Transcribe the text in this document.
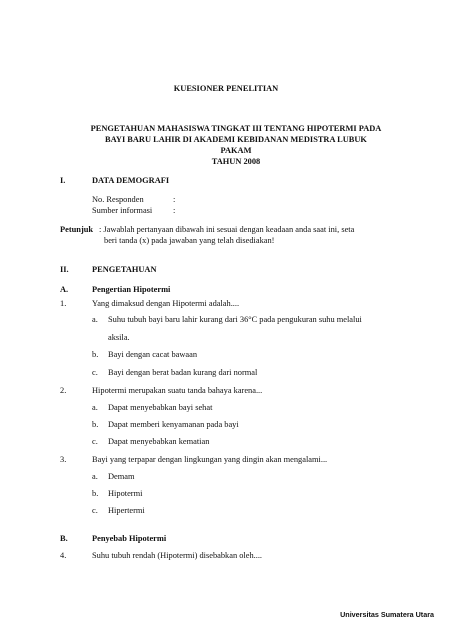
KUESIONER PENELITIAN
PENGETAHUAN MAHASISWA TINGKAT III TENTANG HIPOTERMI PADA
BAYI BARU LAHIR DI AKADEMI KEBIDANAN MEDISTRA LUBUK
PAKAM
TAHUN 2008
I.	DATA DEMOGRAFI
No. Responden	:
Sumber informasi :
Petunjuk : Jawablah pertanyaan dibawah ini sesuai dengan keadaan anda saat ini, seta
beri tanda (x) pada jawaban yang telah disediakan!
II.	PENGETAHUAN
A.	Pengertian Hipotermi
1.	Yang dimaksud dengan Hipotermi adalah....
a. Suhu tubuh bayi baru lahir kurang dari 36°C pada pengukuran suhu melalui
aksila.
b. Bayi dengan cacat bawaan
c. Bayi dengan berat badan kurang dari normal
2.	Hipotermi merupakan suatu tanda bahaya karena...
a. Dapat menyebabkan bayi sehat
b. Dapat memberi kenyamanan pada bayi
c. Dapat menyebabkan kematian
3.	Bayi yang terpapar dengan lingkungan yang dingin akan mengalami...
a. Demam
b. Hipotermi
c. Hipertermi
B.	Penyebab Hipotermi
4.	Suhu tubuh rendah (Hipotermi) disebabkan oleh....
Universitas Sumatera Utara
